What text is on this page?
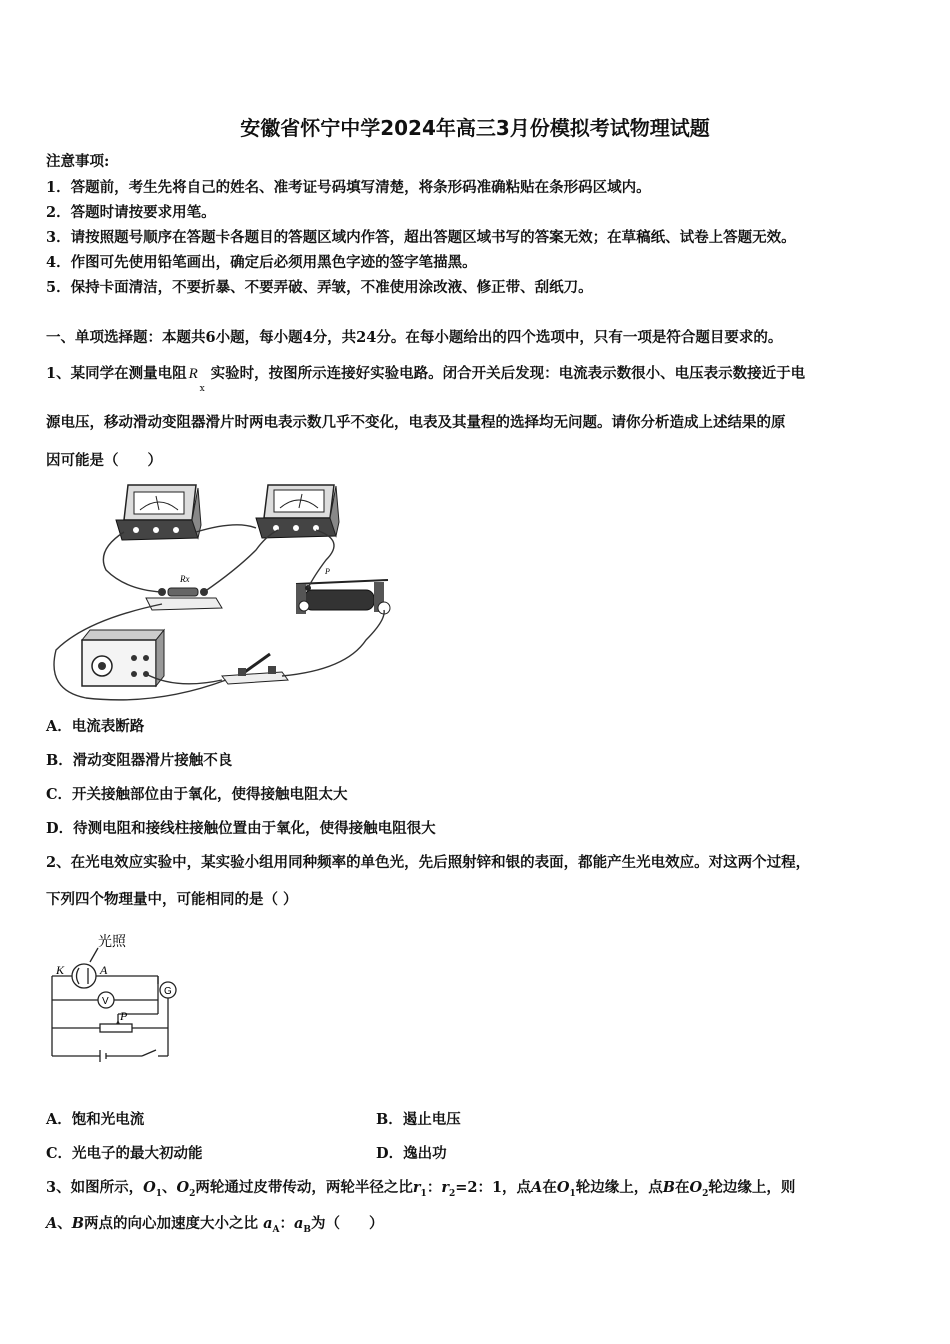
安徽省怀宁中学2024年高三3月份模拟考试物理试题
注意事项:
1．答题前，考生先将自己的姓名、准考证号码填写清楚，将条形码准确粘贴在条形码区域内。
2．答题时请按要求用笔。
3．请按照题号顺序在答题卡各题目的答题区域内作答，超出答题区域书写的答案无效；在草稿纸、试卷上答题无效。
4．作图可先使用铅笔画出，确定后必须用黑色字迹的签字笔描黑。
5．保持卡面清洁，不要折暴、不要弄破、弄皱，不准使用涂改液、修正带、刮纸刀。
一、单项选择题：本题共6小题，每小题4分，共24分。在每小题给出的四个选项中，只有一项是符合题目要求的。
1、某同学在测量电阻 R
x
实验时，按图所示连接好实验电路。闭合开关后发现：电流表示数很小、电压表示数接近于电
源电压，移动滑动变阻器滑片时两电表示数几乎不变化，电表及其量程的选择均无问题。请你分析造成上述结果的原
因可能是（　　）
Rx
P
A．电流表断路
B．滑动变阻器滑片接触不良
C．开关接触部位由于氧化，使得接触电阻太大
D．待测电阻和接线柱接触位置由于氧化，使得接触电阻很大
2、在光电效应实验中，某实验小组用同种频率的单色光，先后照射锌和银的表面，都能产生光电效应。对这两个过程，
下列四个物理量中，可能相同的是（ ）
光照
K	A
V
G
P
A．饱和光电流	B．遏止电压
C．光电子的最大初动能	D．逸出功
3、如图所示，$O_1$、$O_2$两轮通过皮带传动，两轮半径之比$r_1$：$r_2=2$：1，点A在$O_1$轮边缘上，点B在$O_2$轮边缘上，则
A、B两点的向心加速度大小之比 $a_A$：$a_B$为（　　）
